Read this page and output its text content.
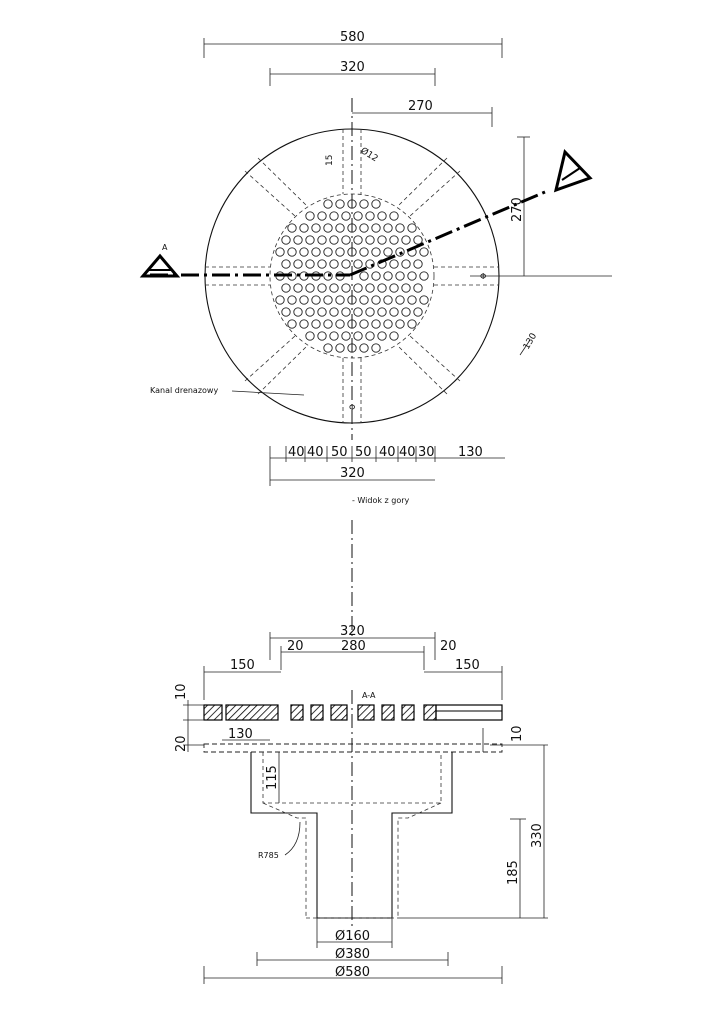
580
320
270
270
A
15	Ø12
Φ
Φ
130
Kanal drenazowy
40 40 50 50 40 40 30 130
320
- Widok z gory
320
20	280	20
150	150
A-A
10
20
130	10
115
R785
330
185
Ø160
Ø380
Ø580
